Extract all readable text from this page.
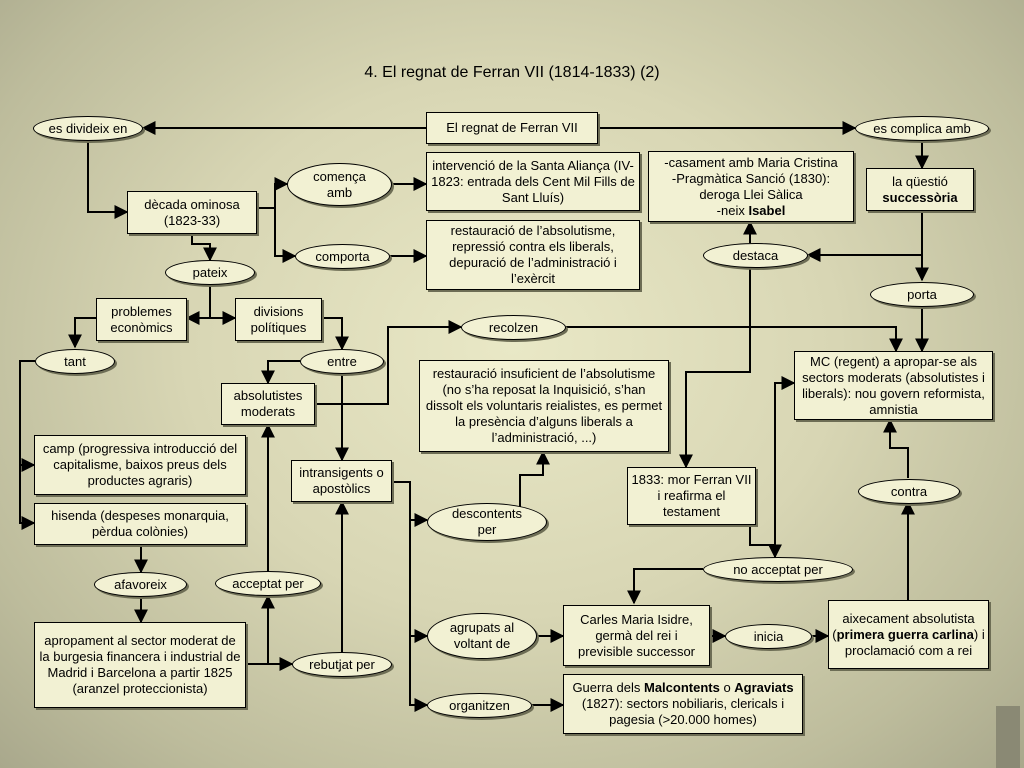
4. El regnat de Ferran VII (1814-1833) (2)
El regnat de Ferran VII
es divideix en	es complica amb
dècada ominosa (1823-33)
comença amb
comporta
intervenció de la Santa Aliança (IV-1823: entrada dels Cent Mil Fills de Sant Lluís)
restauració de l’absolutisme, repressió contra els liberals, depuració de l’administració i l’exèrcit
-casament amb Maria Cristina
-Pragmàtica Sanció (1830): deroga Llei Sàlica
-neix Isabel
la qüestió
successòria
destaca
porta
pateix
problemes econòmics
divisions polítiques	recolzen
tant	entre
absolutistes moderats
restauració insuficient de l’absolutisme (no s’ha reposat la Inquisició, s’han dissolt els voluntaris reialistes, es permet la presència d’alguns liberals a l’administració, ...)
MC (regent) a apropar-se als sectors moderats (absolutistes i liberals): nou govern reformista, amnistia
camp (progressiva introducció del capitalisme, baixos preus dels productes agraris)
hisenda (despeses monarquia, pèrdua colònies)
intransigents o apostòlics
1833: mor Ferran VII i reafirma el testament
contra
descontents per
afavoreix	acceptat per
no acceptat per
apropament al sector moderat de la burgesia financera i industrial de Madrid i Barcelona a partir 1825 (aranzel proteccionista)
rebutjat per
agrupats al voltant de
Carles Maria Isidre, germà del rei i previsible successor
inicia
aixecament absolutista (primera guerra carlina) i proclamació com a rei
organitzen
Guerra dels Malcontents o Agraviats (1827): sectors nobiliaris, clericals i pagesia (>20.000 homes)
